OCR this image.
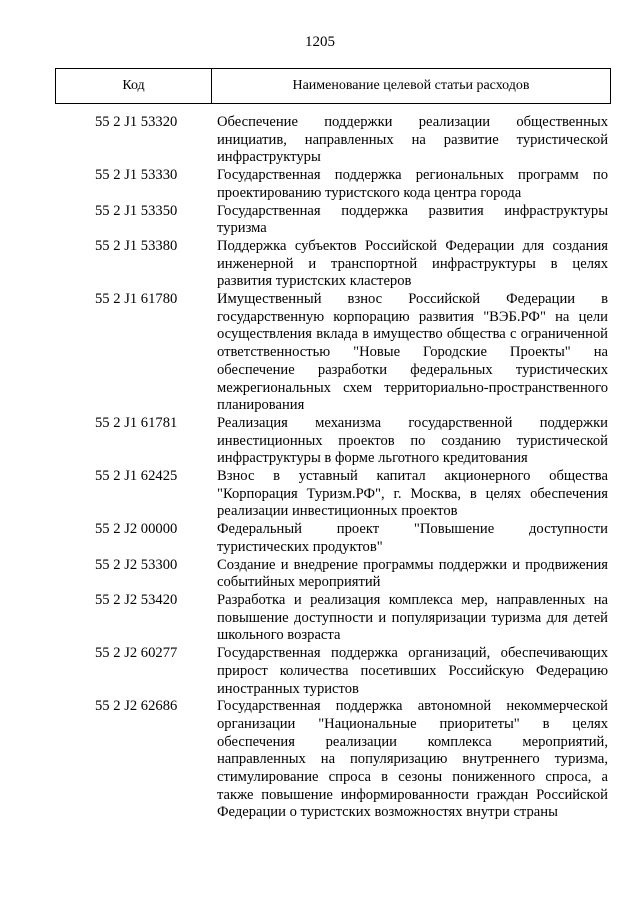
1205
Код	Наименование целевой статьи расходов
55 2 J1 53320	Обеспечение поддержки реализации общественных инициатив, направленных на развитие туристической инфраструктуры
55 2 J1 53330	Государственная поддержка региональных программ по проектированию туристского кода центра города
55 2 J1 53350	Государственная поддержка развития инфраструктуры туризма
55 2 J1 53380	Поддержка субъектов Российской Федерации для создания инженерной и транспортной инфраструктуры в целях развития туристских кластеров
55 2 J1 61780	Имущественный взнос Российской Федерации в государственную корпорацию развития "ВЭБ.РФ" на цели осуществления вклада в имущество общества с ограниченной ответственностью "Новые Городские Проекты" на обеспечение разработки федеральных туристических межрегиональных схем территориально-пространственного планирования
55 2 J1 61781	Реализация механизма государственной поддержки инвестиционных проектов по созданию туристической инфраструктуры в форме льготного кредитования
55 2 J1 62425	Взнос в уставный капитал акционерного общества "Корпорация Туризм.РФ", г. Москва, в целях обеспечения реализации инвестиционных проектов
55 2 J2 00000	Федеральный проект "Повышение доступности туристических продуктов"
55 2 J2 53300	Создание и внедрение программы поддержки и продвижения событийных мероприятий
55 2 J2 53420	Разработка и реализация комплекса мер, направленных на повышение доступности и популяризации туризма для детей школьного возраста
55 2 J2 60277	Государственная поддержка организаций, обеспечивающих прирост количества посетивших Российскую Федерацию иностранных туристов
55 2 J2 62686	Государственная поддержка автономной некоммерческой организации "Национальные приоритеты" в целях обеспечения реализации комплекса мероприятий, направленных на популяризацию внутреннего туризма, стимулирование спроса в сезоны пониженного спроса, а также повышение информированности граждан Российской Федерации о туристских возможностях внутри страны
